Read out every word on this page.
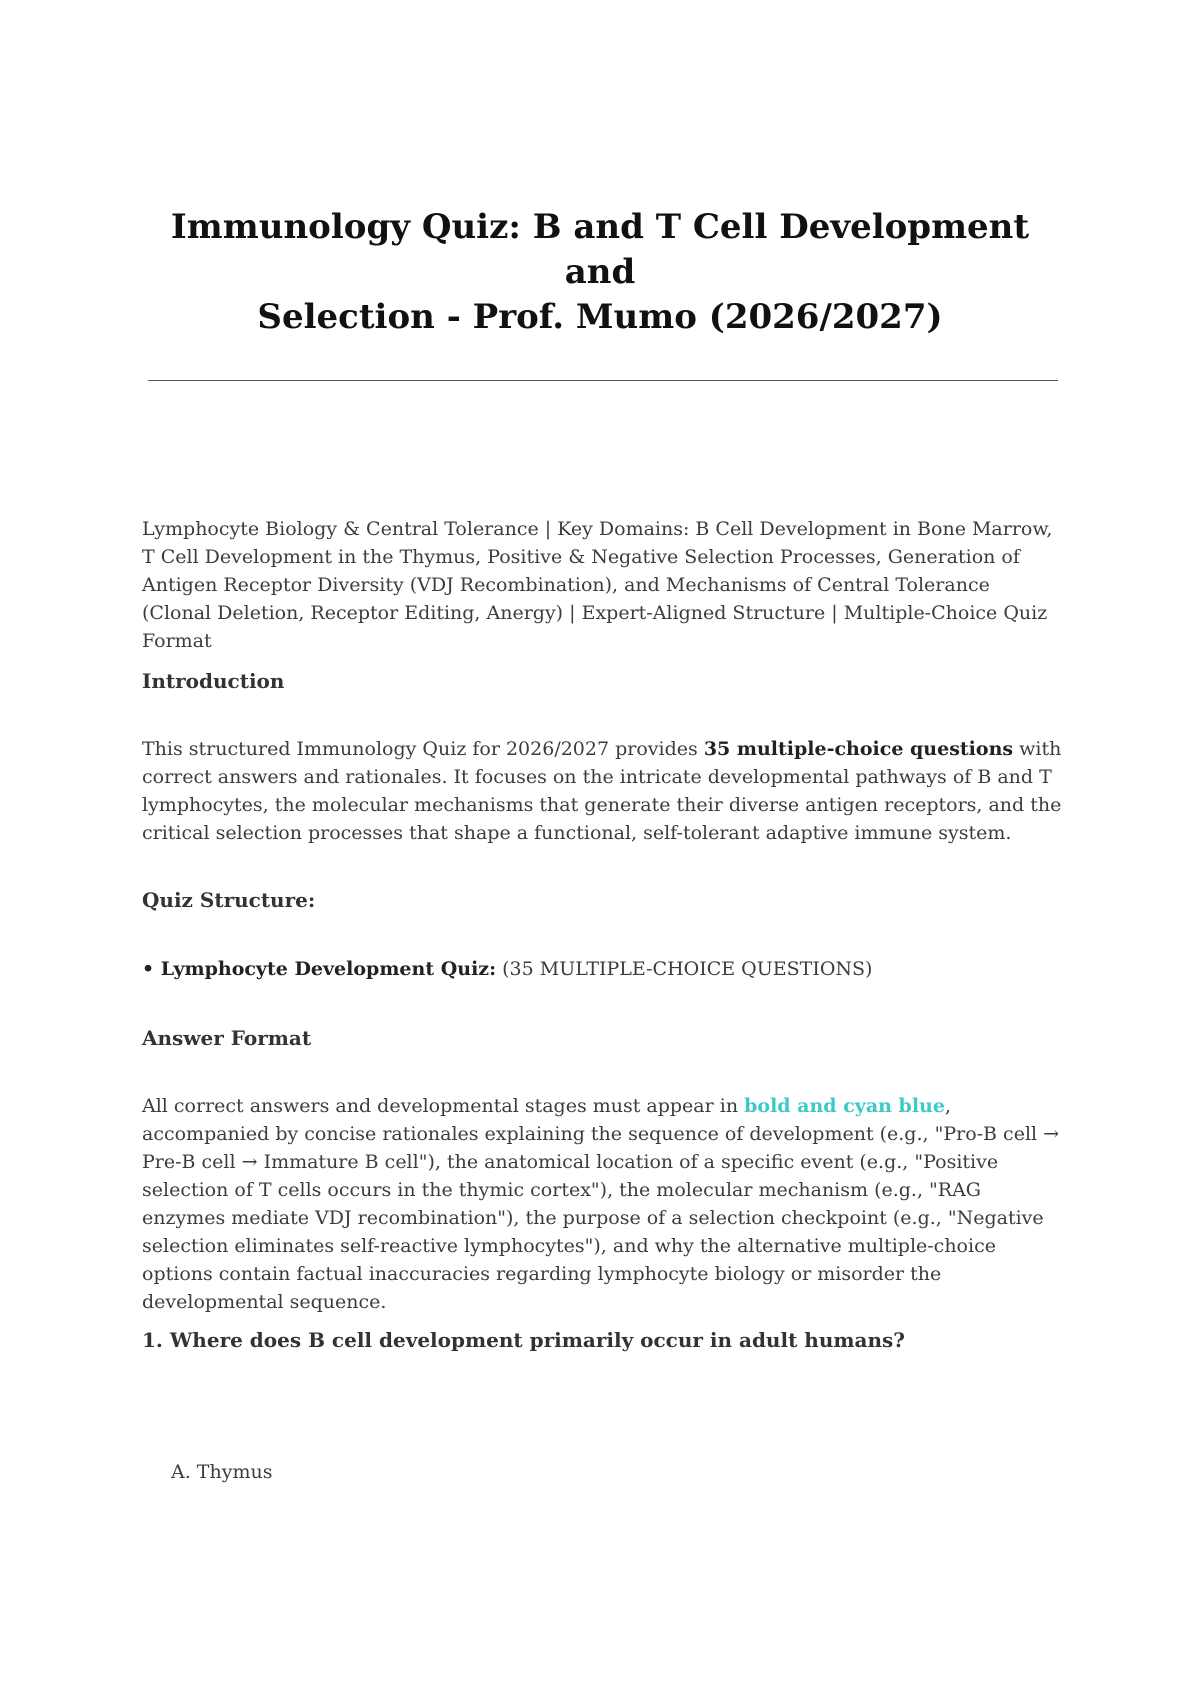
Immunology Quiz: B and T Cell Development and
Selection - Prof. Mumo (2026/2027)

Lymphocyte Biology & Central Tolerance | Key Domains: B Cell Development in Bone Marrow, T Cell Development in the Thymus, Positive & Negative Selection Processes, Generation of Antigen Receptor Diversity (VDJ Recombination), and Mechanisms of Central Tolerance (Clonal Deletion, Receptor Editing, Anergy) | Expert-Aligned Structure | Multiple-Choice Quiz Format

Introduction

This structured Immunology Quiz for 2026/2027 provides 35 multiple-choice questions with correct answers and rationales. It focuses on the intricate developmental pathways of B and T lymphocytes, the molecular mechanisms that generate their diverse antigen receptors, and the critical selection processes that shape a functional, self-tolerant adaptive immune system.

Quiz Structure:

• Lymphocyte Development Quiz: (35 MULTIPLE-CHOICE QUESTIONS)

Answer Format

All correct answers and developmental stages must appear in bold and cyan blue, accompanied by concise rationales explaining the sequence of development (e.g., "Pro-B cell → Pre-B cell → Immature B cell"), the anatomical location of a specific event (e.g., "Positive selection of T cells occurs in the thymic cortex"), the molecular mechanism (e.g., "RAG enzymes mediate VDJ recombination"), the purpose of a selection checkpoint (e.g., "Negative selection eliminates self-reactive lymphocytes"), and why the alternative multiple-choice options contain factual inaccuracies regarding lymphocyte biology or misorder the developmental sequence.

1. Where does B cell development primarily occur in adult humans?

A. Thymus
